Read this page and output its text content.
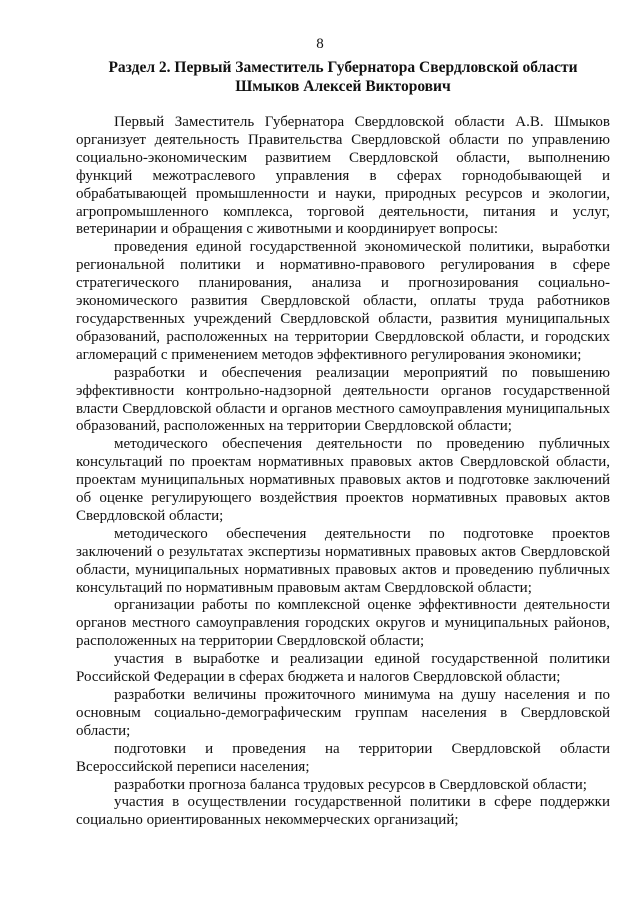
8
Раздел 2. Первый Заместитель Губернатора Свердловской области
Шмыков Алексей Викторович

Первый Заместитель Губернатора Свердловской области А.В. Шмыков организует деятельность Правительства Свердловской области по управлению социально-экономическим развитием Свердловской области, выполнению функций межотраслевого управления в сферах горнодобывающей и обрабатывающей промышленности и науки, природных ресурсов и экологии, агропромышленного комплекса, торговой деятельности, питания и услуг, ветеринарии и обращения с животными и координирует вопросы:

проведения единой государственной экономической политики, выработки региональной политики и нормативно-правового регулирования в сфере стратегического планирования, анализа и прогнозирования социально-экономического развития Свердловской области, оплаты труда работников государственных учреждений Свердловской области, развития муниципальных образований, расположенных на территории Свердловской области, и городских агломераций с применением методов эффективного регулирования экономики;

разработки и обеспечения реализации мероприятий по повышению эффективности контрольно-надзорной деятельности органов государственной власти Свердловской области и органов местного самоуправления муниципальных образований, расположенных на территории Свердловской области;

методического обеспечения деятельности по проведению публичных консультаций по проектам нормативных правовых актов Свердловской области, проектам муниципальных нормативных правовых актов и подготовке заключений об оценке регулирующего воздействия проектов нормативных правовых актов Свердловской области;

методического обеспечения деятельности по подготовке проектов заключений о результатах экспертизы нормативных правовых актов Свердловской области, муниципальных нормативных правовых актов и проведению публичных консультаций по нормативным правовым актам Свердловской области;

организации работы по комплексной оценке эффективности деятельности органов местного самоуправления городских округов и муниципальных районов, расположенных на территории Свердловской области;

участия в выработке и реализации единой государственной политики Российской Федерации в сферах бюджета и налогов Свердловской области;

разработки величины прожиточного минимума на душу населения и по основным социально-демографическим группам населения в Свердловской области;

подготовки и проведения на территории Свердловской области Всероссийской переписи населения;

разработки прогноза баланса трудовых ресурсов в Свердловской области;

участия в осуществлении государственной политики в сфере поддержки социально ориентированных некоммерческих организаций;
